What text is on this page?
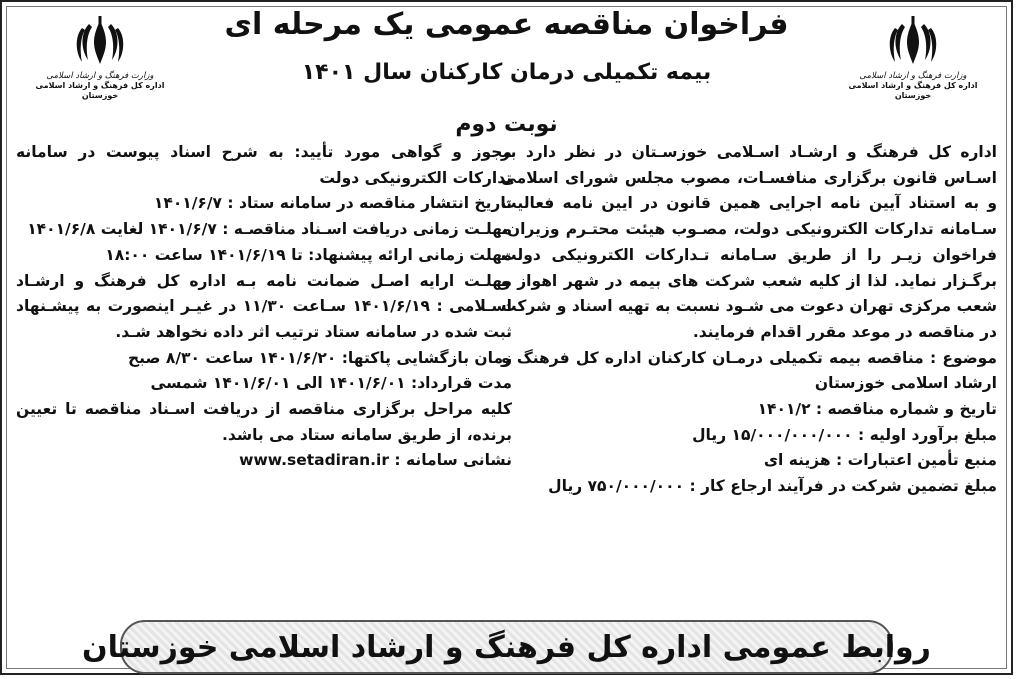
وزارت فرهنگ و ارشاد اسلامی
اداره کل فرهنگ و ارشاد اسلامی خوزستان
وزارت فرهنگ و ارشاد اسلامی
اداره کل فرهنگ و ارشاد اسلامی خوزستان
فراخوان مناقصه عمومی یک مرحله ای
بیمه تکمیلی درمان کارکنان سال ۱۴۰۱
نوبت دوم

اداره کل فرهنگ و ارشـاد اسـلامی خوزسـتان در نظر دارد بر اسـاس قانون برگزاری منافسـات، مصوب مجلس شورای اسلامی و به استناد آیین نامه اجرایی همین قانون در ایین نامه فعالیت سـامانه تدارکات الکترونیکی دولت، مصـوب هیئت محتـرم وزیران، فراخوان زیـر را از طریق سـامانه تـدارکات الکترونیکی دولت برگـزار نماید. لذا از کلیه شعب شرکت های بیمه در شهر اهواز و شعب مرکزی تهران دعوت می شـود نسبت به تهیه اسناد و شرکت در مناقصه در موعد مقرر اقدام فرمایند.

موضوع : مناقصه بیمه تکمیلی درمـان کارکنان اداره کل فرهنگ و ارشاد اسلامی خوزستان
تاریخ و شماره مناقصه : ۱۴۰۱/۲
مبلغ برآورد اولیه : ۱۵/۰۰۰/۰۰۰/۰۰۰ ریال
منبع تأمین اعتبارات : هزینه ای
مبلغ تضمین شرکت در فرآیند ارجاع کار : ۷۵۰/۰۰۰/۰۰۰ ریال
مجوز و گواهی مورد تأیید: به شرح اسناد پیوست در سامانه تدارکات الکترونیکی دولت
تاریخ انتشار مناقصه در سامانه ستاد : ۱۴۰۱/۶/۷
مهلـت زمانی دریافت اسـناد مناقصـه : ۱۴۰۱/۶/۷ لغایت ۱۴۰۱/۶/۸
مهلت زمانی ارائه پیشنهاد: تا ۱۴۰۱/۶/۱۹ ساعت ۱۸:۰۰
مهلـت ارایه اصـل ضمانت نامه بـه اداره کل فرهنگ و ارشـاد اسـلامی : ۱۴۰۱/۶/۱۹ سـاعت ۱۱/۳۰ در غیـر اینصورت به پیشـنهاد ثبت شده در سامانه ستاد ترتیب اثر داده نخواهد شـد.
زمان بازگشایی پاکتها: ۱۴۰۱/۶/۲۰ ساعت ۸/۳۰ صبح
مدت قرارداد: ۱۴۰۱/۶/۰۱ الی ۱۴۰۱/۶/۰۱ شمسی
کلیه مراحل برگزاری مناقصه از دریافت اسـناد مناقصه تا تعیین برنده، از طریق سامانه ستاد می باشد.
نشانی سامانه : www.setadiran.ir
روابط عمومی اداره کل فرهنگ و ارشاد اسلامی خوزستان
